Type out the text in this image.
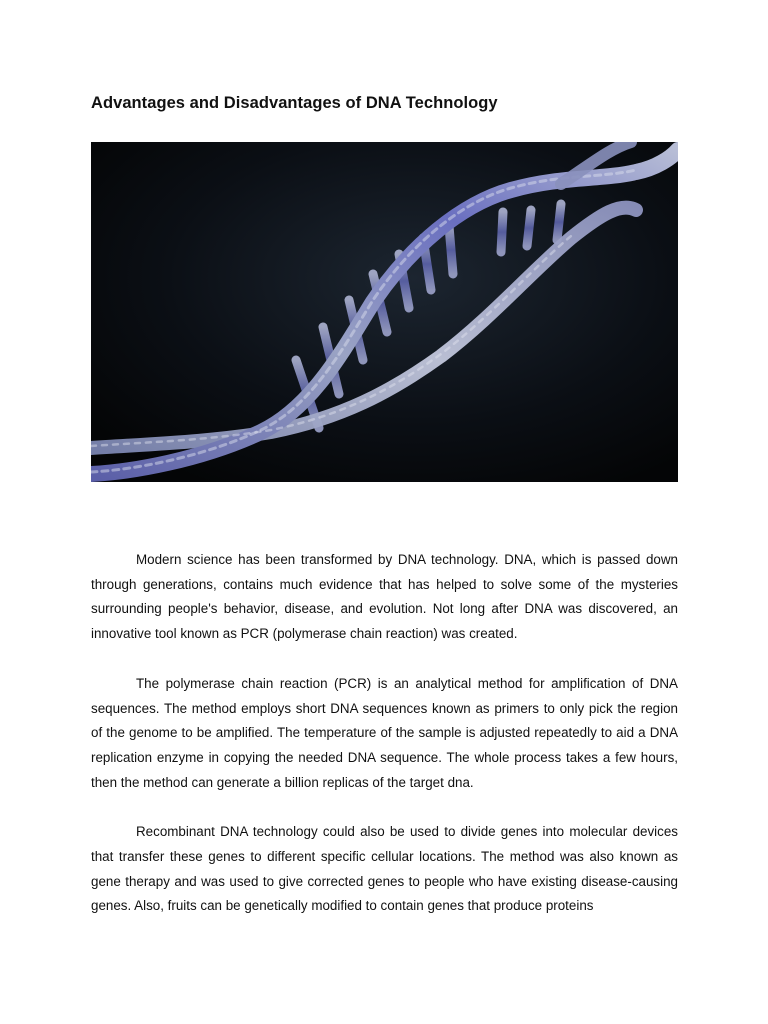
Advantages and Disadvantages of DNA Technology

Modern science has been transformed by DNA technology. DNA, which is passed down through generations, contains much evidence that has helped to solve some of the mysteries surrounding people's behavior, disease, and evolution. Not long after DNA was discovered, an innovative tool known as PCR (polymerase chain reaction) was created.

The polymerase chain reaction (PCR) is an analytical method for amplification of DNA sequences. The method employs short DNA sequences known as primers to only pick the region of the genome to be amplified. The temperature of the sample is adjusted repeatedly to aid a DNA replication enzyme in copying the needed DNA sequence. The whole process takes a few hours, then the method can generate a billion replicas of the target dna.

Recombinant DNA technology could also be used to divide genes into molecular devices that transfer these genes to different specific cellular locations. The method was also known as gene therapy and was used to give corrected genes to people who have existing disease-causing genes. Also, fruits can be genetically modified to contain genes that produce proteins
